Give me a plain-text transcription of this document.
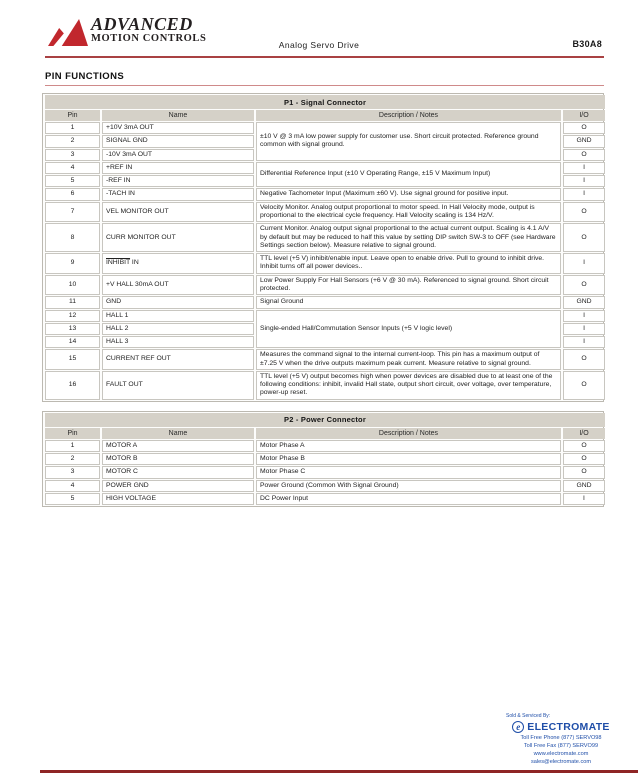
ADVANCED
MOTION CONTROLS
Analog Servo Drive	B30A8
PIN FUNCTIONS
P1 - Signal Connector			
Pin	Name	Description / Notes	I/O
1	+10V 3mA OUT	±10 V @ 3 mA low power supply for customer use. Short circuit protected. Reference ground common with signal ground.	O
2	SIGNAL GND		GND
3	-10V 3mA OUT		O
4	+REF IN	Differential Reference Input (±10 V Operating Range, ±15 V Maximum Input)	I
5	-REF IN		I
6	-TACH IN	Negative Tachometer Input (Maximum ±60 V). Use signal ground for positive input.	I
7	VEL MONITOR OUT	Velocity Monitor. Analog output proportional to motor speed. In Hall Velocity mode, output is proportional to the electrical cycle frequency. Hall Velocity scaling is 134 Hz/V.	O
8	CURR MONITOR OUT	Current Monitor. Analog output signal proportional to the actual current output. Scaling is 4.1 A/V by default but may be reduced to half this value by setting DIP switch SW-3 to OFF (see Hardware Settings section below). Measure relative to signal ground.	O
9	INHIBIT IN	TTL level (+5 V) inhibit/enable input. Leave open to enable drive. Pull to ground to inhibit drive. Inhibit turns off all power devices..	I
10	+V HALL 30mA OUT	Low Power Supply For Hall Sensors (+6 V @ 30 mA). Referenced to signal ground. Short circuit protected.	O
11	GND	Signal Ground	GND
12	HALL 1	Single-ended Hall/Commutation Sensor Inputs (+5 V logic level)	I
13	HALL 2		I
14	HALL 3		I
15	CURRENT REF OUT	Measures the command signal to the internal current-loop. This pin has a maximum output of ±7.25 V when the drive outputs maximum peak current. Measure relative to signal ground.	O
16	FAULT OUT	TTL level (+5 V) output becomes high when power devices are disabled due to at least one of the following conditions: inhibit, invalid Hall state, output short circuit, over voltage, over temperature, power-up reset.	O
P2 - Power Connector			
Pin	Name	Description / Notes	I/O
1	MOTOR A	Motor Phase A	O
2	MOTOR B	Motor Phase B	O
3	MOTOR C	Motor Phase C	O
4	POWER GND	Power Ground (Common With Signal Ground)	GND
5	HIGH VOLTAGE	DC Power Input	I
Sold & Serviced By:
e ELECTROMATE
Toll Free Phone (877) SERVO98
Toll Free Fax (877) SERVO99
www.electromate.com
sales@electromate.com
